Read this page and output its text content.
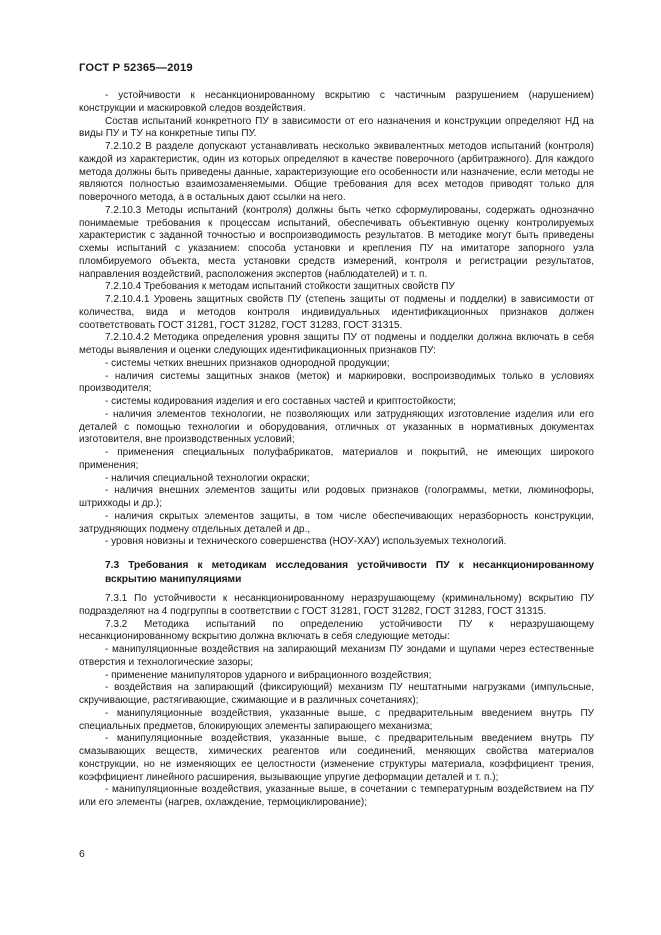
ГОСТ Р 52365—2019

- устойчивости к несанкционированному вскрытию с частичным разрушением (нарушением) конструкции и маскировкой следов воздействия.

Состав испытаний конкретного ПУ в зависимости от его назначения и конструкции определяют НД на виды ПУ и ТУ на конкретные типы ПУ.

7.2.10.2 В разделе допускают устанавливать несколько эквивалентных методов испытаний (контроля) каждой из характеристик, один из которых определяют в качестве поверочного (арбитражного). Для каждого метода должны быть приведены данные, характеризующие его особенности или назначение, если методы не являются полностью взаимозаменяемыми. Общие требования для всех методов приводят только для поверочного метода, а в остальных дают ссылки на него.

7.2.10.3 Методы испытаний (контроля) должны быть четко сформулированы, содержать однозначно понимаемые требования к процессам испытаний, обеспечивать объективную оценку контролируемых характеристик с заданной точностью и воспроизводимость результатов. В методике могут быть приведены схемы испытаний с указанием: способа установки и крепления ПУ на имитаторе запорного узла пломбируемого объекта, места установки средств измерений, контроля и регистрации результатов, направления воздействий, расположения экспертов (наблюдателей) и т. п.

7.2.10.4 Требования к методам испытаний стойкости защитных свойств ПУ

7.2.10.4.1 Уровень защитных свойств ПУ (степень защиты от подмены и подделки) в зависимости от количества, вида и методов контроля индивидуальных идентификационных признаков должен соответствовать ГОСТ 31281, ГОСТ 31282, ГОСТ 31283, ГОСТ 31315.

7.2.10.4.2 Методика определения уровня защиты ПУ от подмены и подделки должна включать в себя методы выявления и оценки следующих идентификационных признаков ПУ:

- системы четких внешних признаков однородной продукции;

- наличия системы защитных знаков (меток) и маркировки, воспроизводимых только в условиях производителя;

- системы кодирования изделия и его составных частей и криптостойкости;

- наличия элементов технологии, не позволяющих или затрудняющих изготовление изделия или его деталей с помощью технологии и оборудования, отличных от указанных в нормативных документах изготовителя, вне производственных условий;

- применения специальных полуфабрикатов, материалов и покрытий, не имеющих широкого применения;

- наличия специальной технологии окраски;

- наличия внешних элементов защиты или родовых признаков (голограммы, метки, люминофоры, штрихкоды и др.);

- наличия скрытых элементов защиты, в том числе обеспечивающих неразборность конструкции, затрудняющих подмену отдельных деталей и др.,

- уровня новизны и технического совершенства (НОУ-ХАУ) используемых технологий.

7.3 Требования к методикам исследования устойчивости ПУ к несанкционированному вскрытию манипуляциями

7.3.1 По устойчивости к несанкционированному неразрушающему (криминальному) вскрытию ПУ подразделяют на 4 подгруппы в соответствии с ГОСТ 31281, ГОСТ 31282, ГОСТ 31283, ГОСТ 31315.

7.3.2 Методика испытаний по определению устойчивости ПУ к неразрушающему несанкционированному вскрытию должна включать в себя следующие методы:

- манипуляционные воздействия на запирающий механизм ПУ зондами и щупами через естественные отверстия и технологические зазоры;

- применение манипуляторов ударного и вибрационного воздействия;

- воздействия на запирающий (фиксирующий) механизм ПУ нештатными нагрузками (импульсные, скручивающие, растягивающие, сжимающие и в различных сочетаниях);

- манипуляционные воздействия, указанные выше, с предварительным введением внутрь ПУ специальных предметов, блокирующих элементы запирающего механизма;

- манипуляционные воздействия, указанные выше, с предварительным введением внутрь ПУ смазывающих веществ, химических реагентов или соединений, меняющих свойства материалов конструкции, но не изменяющих ее целостности (изменение структуры материала, коэффициент трения, коэффициент линейного расширения, вызывающие упругие деформации деталей и т. п.);

- манипуляционные воздействия, указанные выше, в сочетании с температурным воздействием на ПУ или его элементы (нагрев, охлаждение, термоциклирование);

6
